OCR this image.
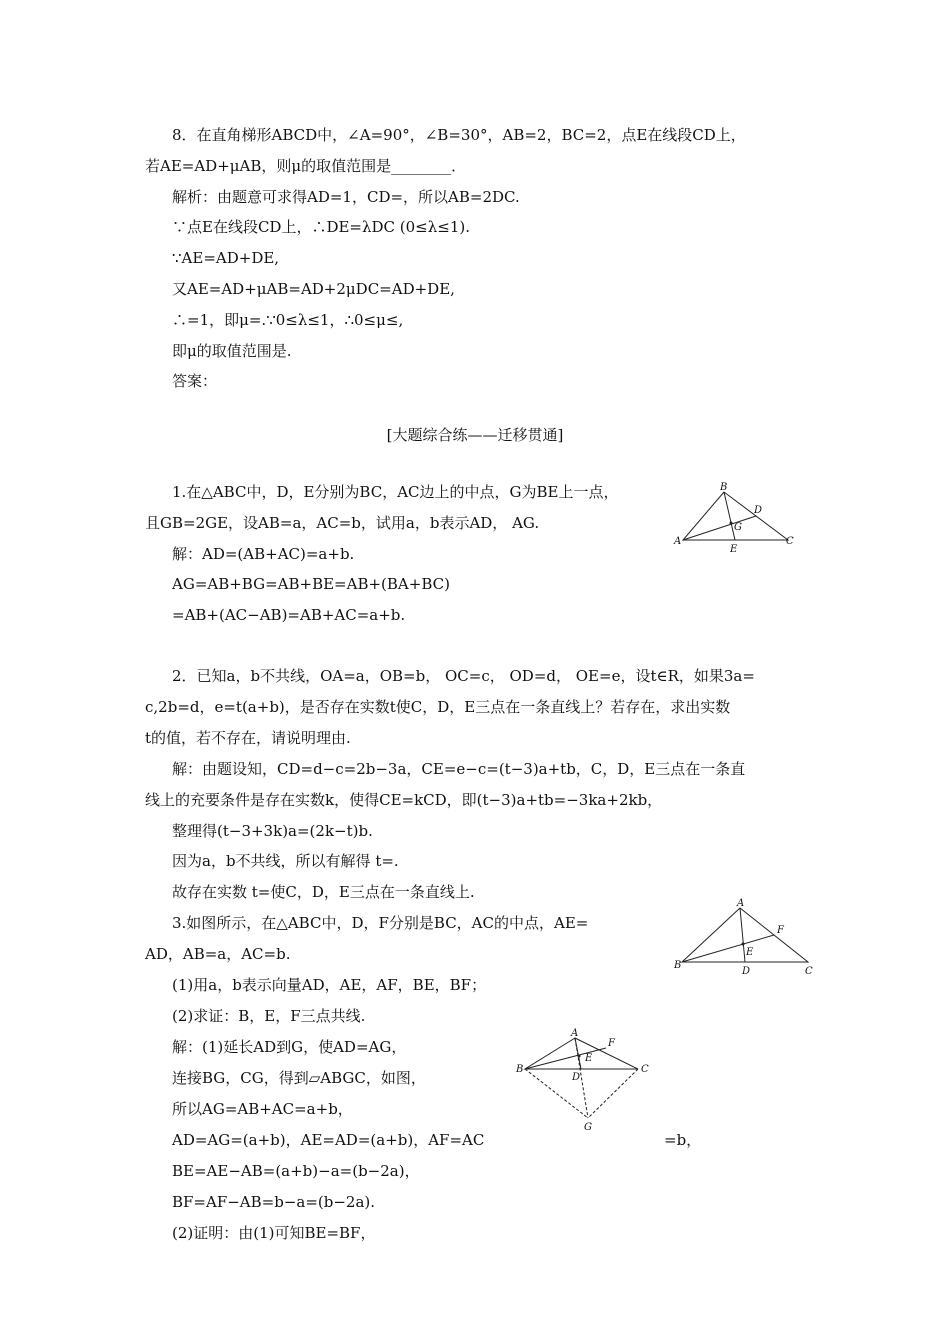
8．在直角梯形ABCD中，∠A=90°，∠B=30°，AB=2，BC=2，点E在线段CD上，
若AE=AD+μAB，则μ的取值范围是________．
解析：由题意可求得AD=1，CD=，所以AB=2DC.
∵点E在线段CD上，∴DE=λDC (0≤λ≤1).
∵AE=AD+DE,
又AE=AD+μAB=AD+2μDC=AD+DE,
∴=1，即μ=.∵0≤λ≤1，∴0≤μ≤,
即μ的取值范围是.
答案：
[大题综合练——迁移贯通]
1.在△ABC中，D，E分别为BC，AC边上的中点，G为BE上一点，
且GB=2GE，设AB=a，AC=b，试用a，b表示AD， AG.
解：AD=(AB+AC)=a+b.
AG=AB+BG=AB+BE=AB+(BA+BC)
=AB+(AC−AB)=AB+AC=a+b.
A
B
C
D
E
G
2．已知a，b不共线，OA=a，OB=b， OC=c， OD=d， OE=e，设t∈R，如果3a=
c,2b=d，e=t(a+b)，是否存在实数t使C，D，E三点在一条直线上？若存在，求出实数
t的值，若不存在，请说明理由.
解：由题设知，CD=d−c=2b−3a，CE=e−c=(t−3)a+tb，C，D，E三点在一条直
线上的充要条件是存在实数k，使得CE=kCD，即(t−3)a+tb=−3ka+2kb，
整理得(t−3+3k)a=(2k−t)b.
因为a，b不共线，所以有解得 t=.
故存在实数 t=使C，D，E三点在一条直线上.
3.如图所示，在△ABC中，D，F分别是BC，AC的中点，AE=
AD，AB=a，AC=b.
(1)用a，b表示向量AD，AE，AF，BE，BF；
(2)求证：B，E，F三点共线.
解：(1)延长AD到G，使AD=AG，
连接BG，CG，得到▱ABGC，如图，
所以AG=AB+AC=a+b，
AD=AG=(a+b)，AE=AD=(a+b)，AF=AC	=b，
BE=AE−AB=(a+b)−a=(b−2a)，
BF=AF−AB=b−a=(b−2a).
(2)证明：由(1)可知BE=BF，
A
B
C
D
E
F
A
B	C
D
E
F
G
